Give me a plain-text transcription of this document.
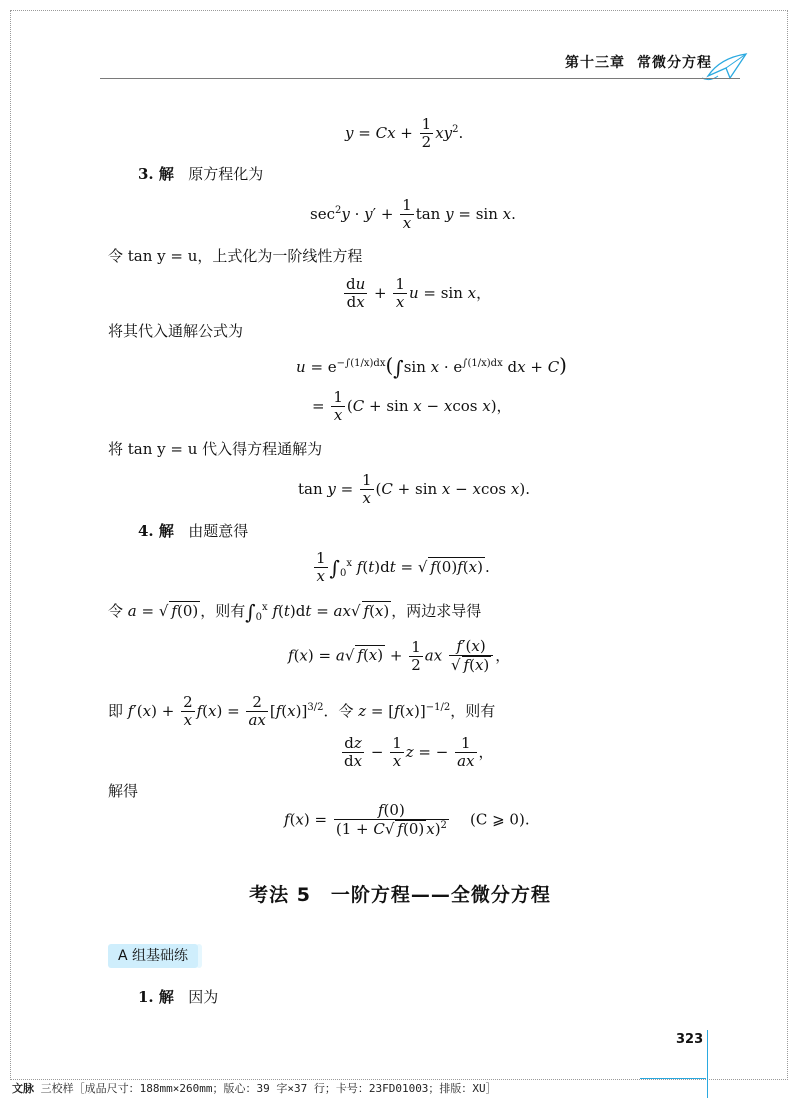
第十三章 常微分方程
$y = Cx + \frac{1}{2} xy^2$.
3. 解 原方程化为
$\sec^2y \cdot y' + \frac{1}{x}$ tan y = sin x.
令 tan y = u，上式化为一阶线性方程
$\frac{du}{dx} + \frac{1}{x}$ u = sin x，
将其代入通解公式为
$u = e^{-\int(1/x)dx}(\int\sin$ $x \cdot e^{\int(1/x)dx}$ dx + C)
= $\frac{1}{x} (C + \sin x - xcos$ x)，
将 tan y = u 代入得方程通解为
$\tan y = \frac{1}{x} (C + \sin x - xcos$ x).
4. 解 由题意得
$\frac{1}{x} \int_0^x$ f(t)dt = √ f(0)f(x) .
令 a = √ f(0) ，则有$\int_0^x$ f(t)dt = ax√ f(x) ，两边求导得
f(x) = a√ $f(x) + \frac{1}{2}$ ax $\frac{f'(x)}{√ f(x)}$ ，
即 $f'(x) + \frac{2}{x} f(x) = \frac{2}{ax} [f(x)]^{3/2}$．令 $z = [f(x)]^{-1/2}$，则有
$\frac{dz}{dx} - \frac{1}{x}$ z = − $\frac{1}{ax}$ ，
解得
$f(x) = \frac{f(0)}{(1 + C√ f(0) x)^2} (C$ ⩾ 0).
考法 5　一阶方程——全微分方程
A 组基础练
1. 解 因为
323
文脉 三校样［成品尺寸：188mm×260mm；版心：39 字×37 行；卡号：23FD01003；排版：XU］
